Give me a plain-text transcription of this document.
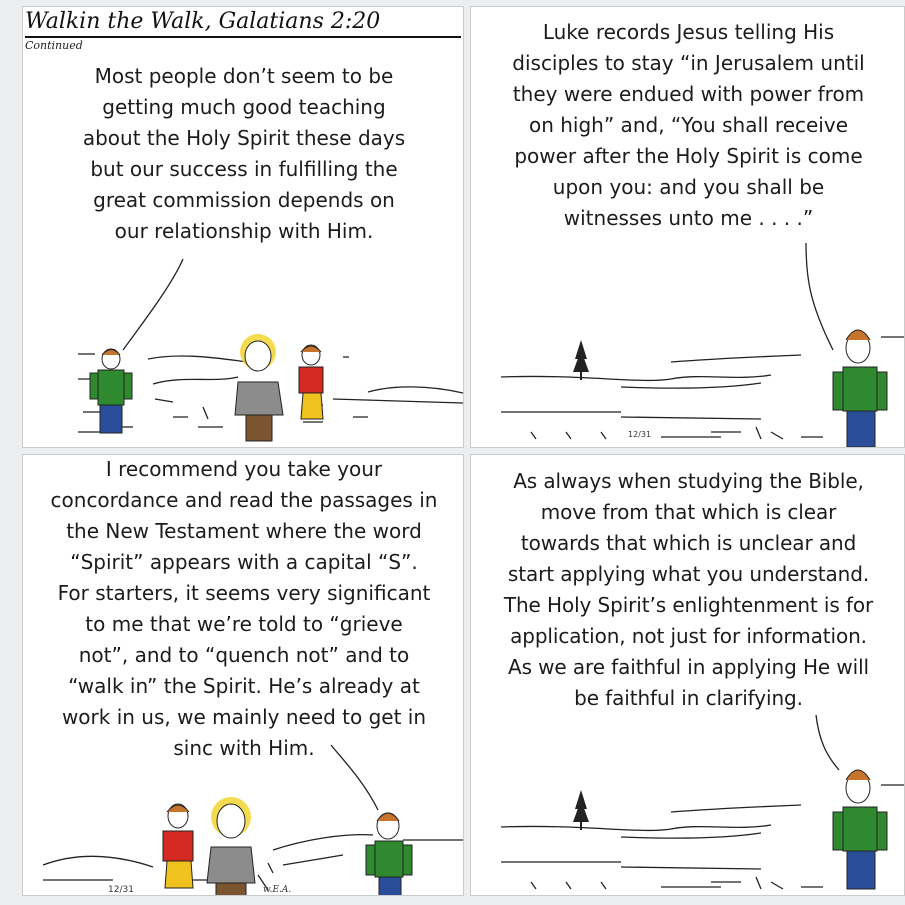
Walkin the Walk, Galatians 2:20
Continued
Most people don’t seem to be
getting much good teaching
about the Holy Spirit these days
but our success in fulfilling the
great commission depends on
our relationship with Him.
Luke records Jesus telling His
disciples to stay “in Jerusalem until
they were endued with power from
on high” and, “You shall receive
power after the Holy Spirit is come
upon you: and you shall be
witnesses unto me . . . .”
12/31
I recommend you take your
concordance and read the passages in
the New Testament where the word
“Spirit” appears with a capital “S”.
For starters, it seems very significant
to me that we’re told to “grieve
not”, and to “quench not” and to
“walk in” the Spirit. He’s already at
work in us, we mainly need to get in
sinc with Him.
12/31	w.E.A.
As always when studying the Bible,
move from that which is clear
towards that which is unclear and
start applying what you understand.
The Holy Spirit’s enlightenment is for
application, not just for information.
As we are faithful in applying He will
be faithful in clarifying.
